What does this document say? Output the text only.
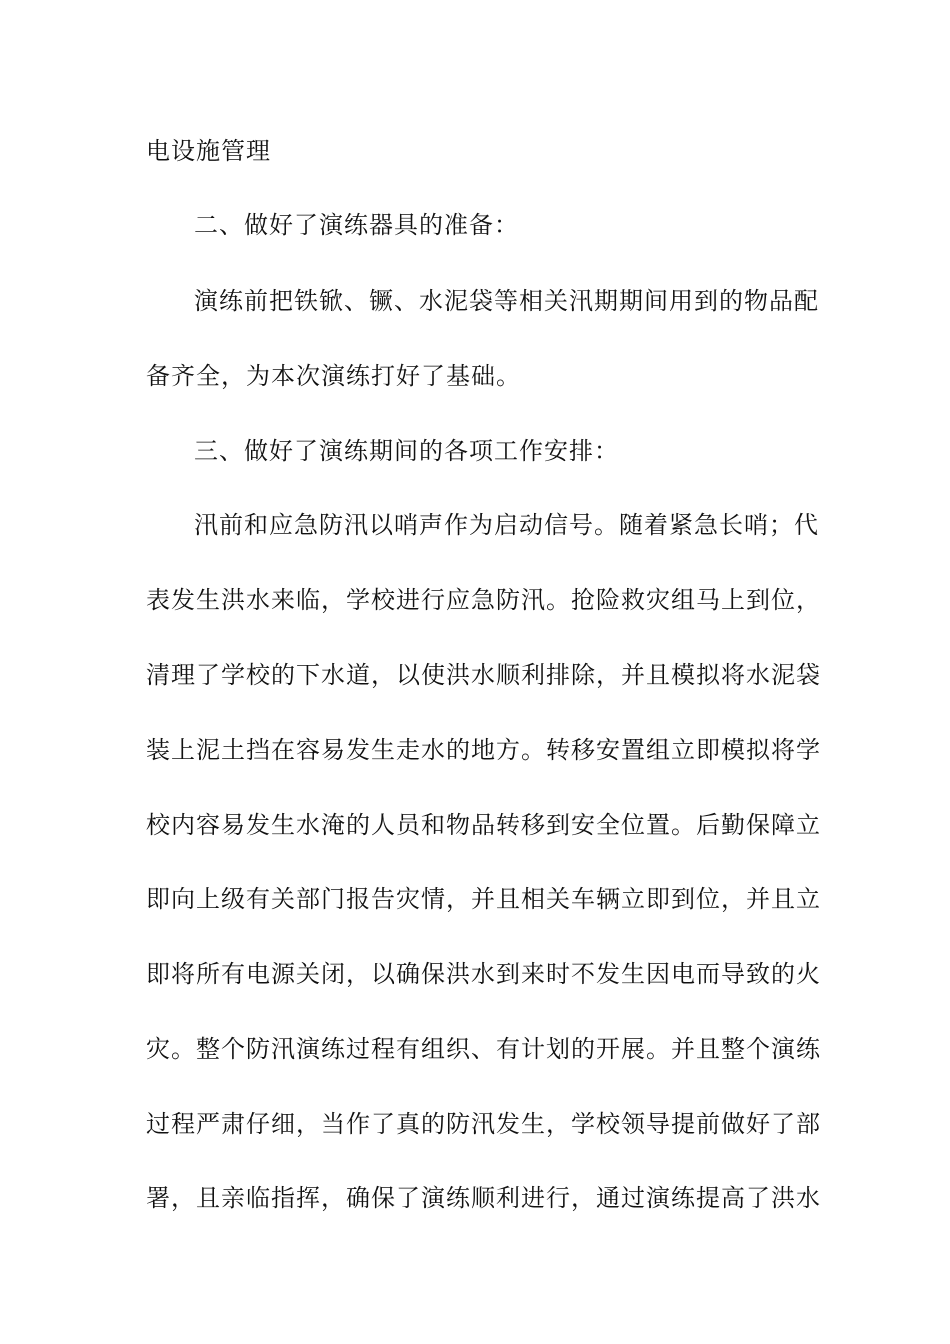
电设施管理
二、做好了演练器具的准备：
演练前把铁锨、镢、水泥袋等相关汛期期间用到的物品配
备齐全，为本次演练打好了基础。
三、做好了演练期间的各项工作安排：
汛前和应急防汛以哨声作为启动信号。随着紧急长哨；代
表发生洪水来临，学校进行应急防汛。抢险救灾组马上到位，
清理了学校的下水道，以使洪水顺利排除，并且模拟将水泥袋
装上泥土挡在容易发生走水的地方。转移安置组立即模拟将学
校内容易发生水淹的人员和物品转移到安全位置。后勤保障立
即向上级有关部门报告灾情，并且相关车辆立即到位，并且立
即将所有电源关闭，以确保洪水到来时不发生因电而导致的火
灾。整个防汛演练过程有组织、有计划的开展。并且整个演练
过程严肃仔细，当作了真的防汛发生，学校领导提前做好了部
署，且亲临指挥，确保了演练顺利进行，通过演练提高了洪水
